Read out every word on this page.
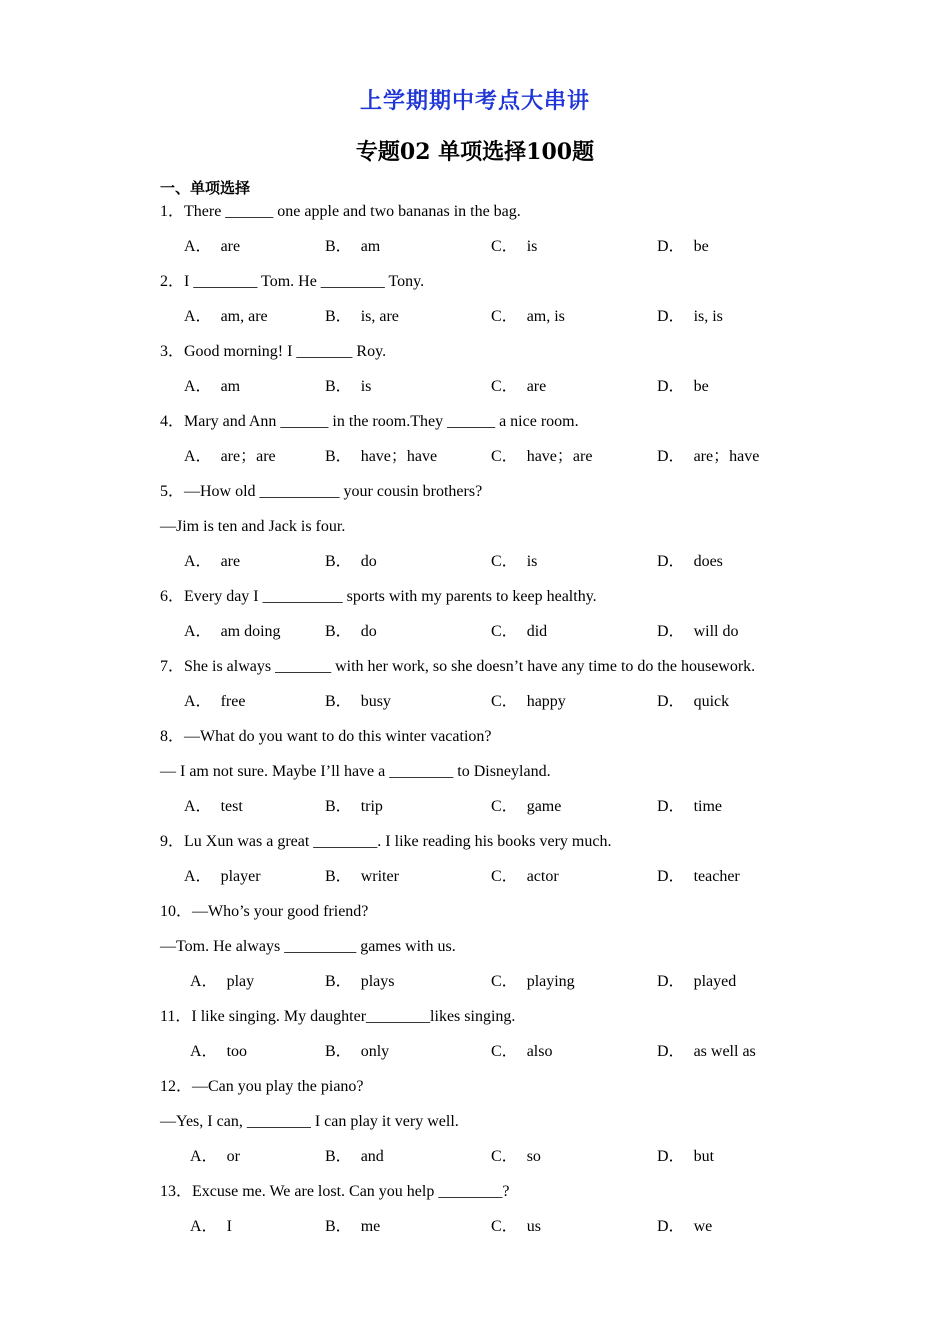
上学期期中考点大串讲
专题02 单项选择100题
一、单项选择
1．There ______ one apple and two bananas in the bag.
A． are	B． am	C． is	D． be
2．I ________ Tom. He ________ Tony.
A． am, are	B． is, are	C． am, is	D． is, is
3．Good morning! I _______ Roy.
A． am	B． is	C． are	D． be
4．Mary and Ann ______ in the room.They ______ a nice room.
A． are；are	B． have；have	C． have；are	D． are；have
5．—How old __________ your cousin brothers?
—Jim is ten and Jack is four.
A． are	B． do	C． is	D． does
6．Every day I __________ sports with my parents to keep healthy.
A． am doing	B． do	C． did	D． will do
7．She is always _______ with her work, so she doesn’t have any time to do the housework.
A． free	B． busy	C． happy	D． quick
8．—What do you want to do this winter vacation?
— I am not sure. Maybe I’ll have a ________ to Disneyland.
A． test	B． trip	C． game	D． time
9．Lu Xun was a great ________. I like reading his books very much.
A． player	B． writer	C． actor	D． teacher
10．—Who’s your good friend?
—Tom. He always _________ games with us.
A． play	B． plays	C． playing	D． played
11．I like singing. My daughter________likes singing.
A． too	B． only	C． also	D． as well as
12．—Can you play the piano?
—Yes, I can, ________ I can play it very well.
A． or	B． and	C． so	D． but
13．Excuse me. We are lost. Can you help ________?
A． I	B． me	C． us	D． we
